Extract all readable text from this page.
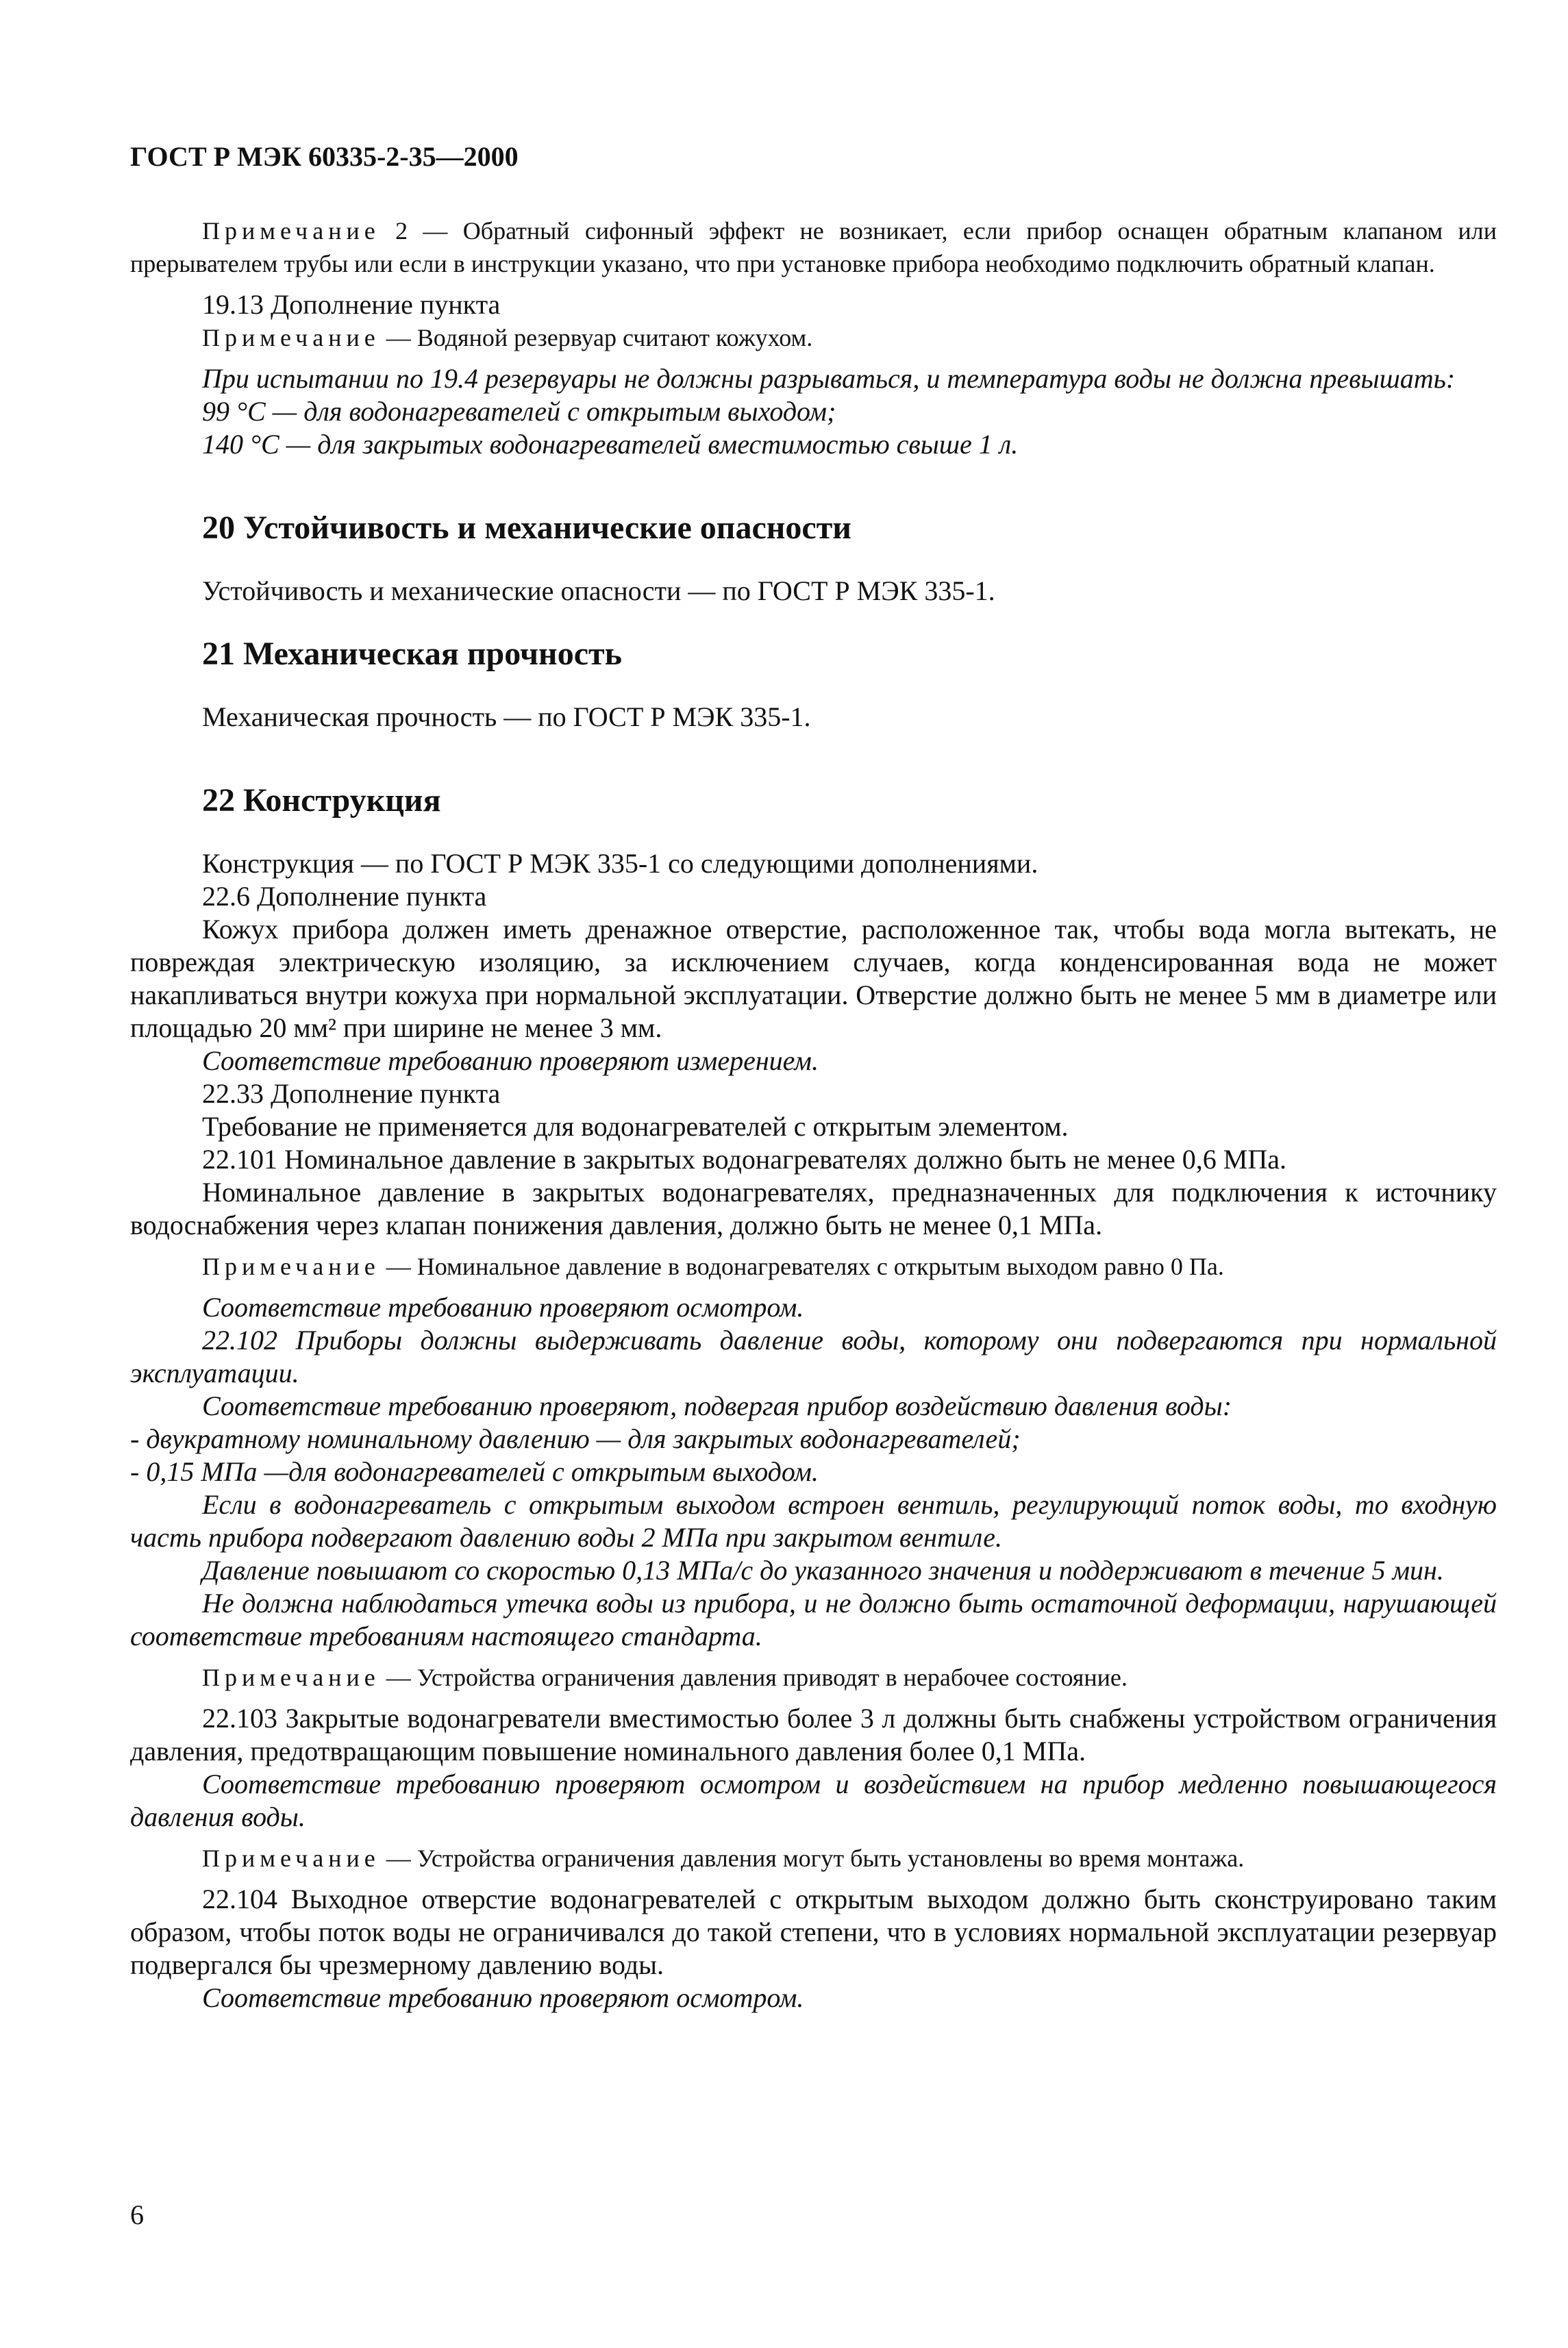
ГОСТ Р МЭК 60335-2-35—2000

Примечание 2 — Обратный сифонный эффект не возникает, если прибор оснащен обратным клапаном или прерывателем трубы или если в инструкции указано, что при установке прибора необходимо подключить обратный клапан.

19.13 Дополнение пункта

Примечание — Водяной резервуар считают кожухом.

При испытании по 19.4 резервуары не должны разрываться, и температура воды не должна превышать:

99 °С — для водонагревателей с открытым выходом;

140 °С — для закрытых водонагревателей вместимостью свыше 1 л.

20 Устойчивость и механические опасности

Устойчивость и механические опасности — по ГОСТ Р МЭК 335-1.

21 Механическая прочность

Механическая прочность — по ГОСТ Р МЭК 335-1.

22 Конструкция

Конструкция — по ГОСТ Р МЭК 335-1 со следующими дополнениями.

22.6 Дополнение пункта

Кожух прибора должен иметь дренажное отверстие, расположенное так, чтобы вода могла вытекать, не повреждая электрическую изоляцию, за исключением случаев, когда конденсированная вода не может накапливаться внутри кожуха при нормальной эксплуатации. Отверстие должно быть не менее 5 мм в диаметре или площадью 20 мм² при ширине не менее 3 мм.

Соответствие требованию проверяют измерением.

22.33 Дополнение пункта

Требование не применяется для водонагревателей с открытым элементом.

22.101 Номинальное давление в закрытых водонагревателях должно быть не менее 0,6 МПа.

Номинальное давление в закрытых водонагревателях, предназначенных для подключения к источнику водоснабжения через клапан понижения давления, должно быть не менее 0,1 МПа.

Примечание — Номинальное давление в водонагревателях с открытым выходом равно 0 Па.

Соответствие требованию проверяют осмотром.

22.102 Приборы должны выдерживать давление воды, которому они подвергаются при нормальной эксплуатации.

Соответствие требованию проверяют, подвергая прибор воздействию давления воды:

- двукратному номинальному давлению — для закрытых водонагревателей;

- 0,15 МПа —для водонагревателей с открытым выходом.

Если в водонагреватель с открытым выходом встроен вентиль, регулирующий поток воды, то входную часть прибора подвергают давлению воды 2 МПа при закрытом вентиле.

Давление повышают со скоростью 0,13 МПа/с до указанного значения и поддерживают в течение 5 мин.

Не должна наблюдаться утечка воды из прибора, и не должно быть остаточной деформации, нарушающей соответствие требованиям настоящего стандарта.

Примечание — Устройства ограничения давления приводят в нерабочее состояние.

22.103 Закрытые водонагреватели вместимостью более 3 л должны быть снабжены устройством ограничения давления, предотвращающим повышение номинального давления более 0,1 МПа.

Соответствие требованию проверяют осмотром и воздействием на прибор медленно повышающегося давления воды.

Примечание — Устройства ограничения давления могут быть установлены во время монтажа.

22.104 Выходное отверстие водонагревателей с открытым выходом должно быть сконструировано таким образом, чтобы поток воды не ограничивался до такой степени, что в условиях нормальной эксплуатации резервуар подвергался бы чрезмерному давлению воды.

Соответствие требованию проверяют осмотром.

6
